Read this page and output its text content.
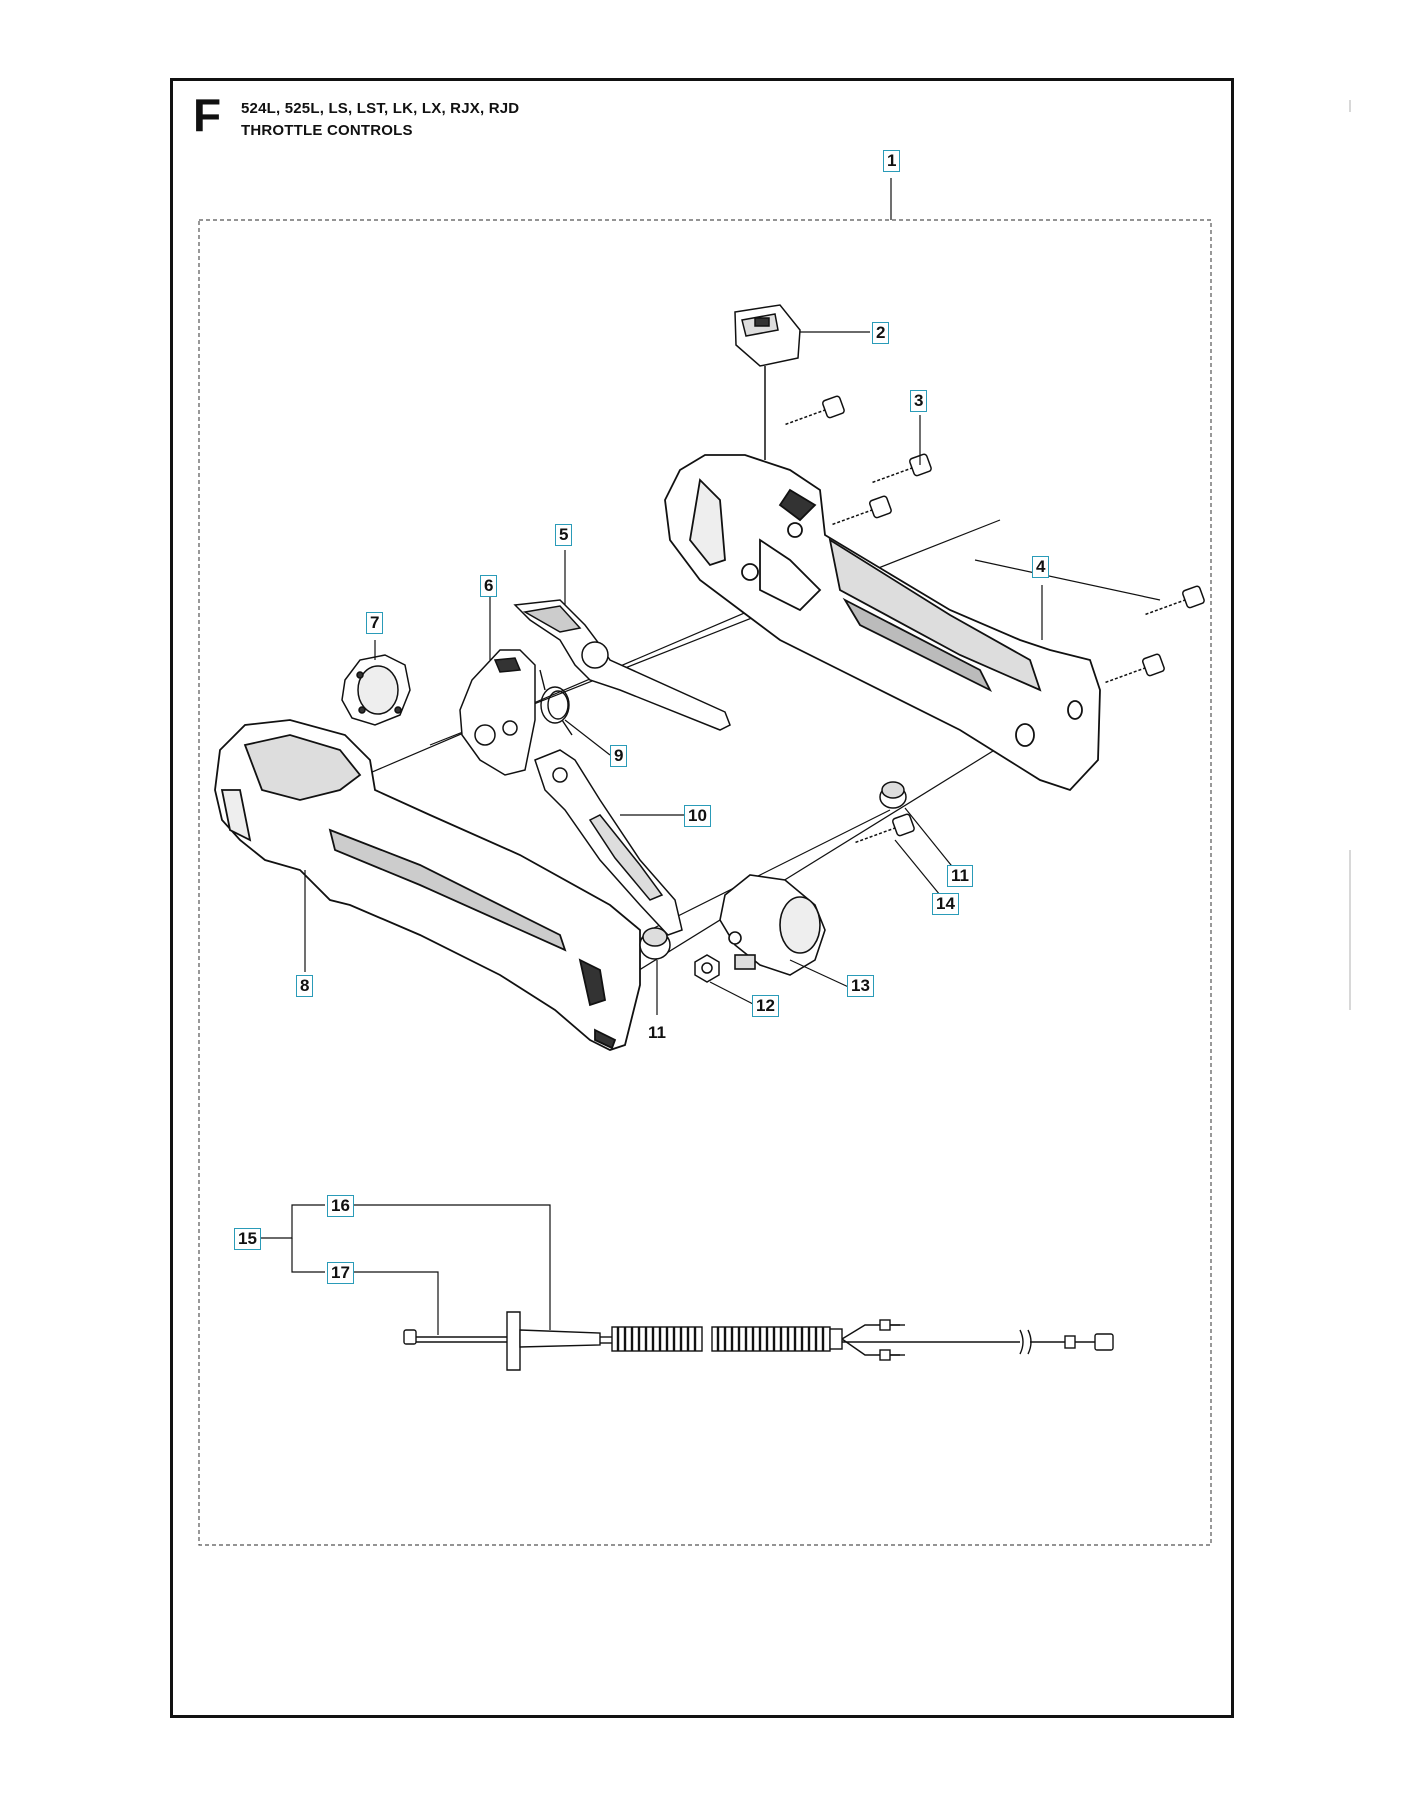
F 524L, 525L, LS, LST, LK, LX, RJX, RJD
THROTTLE CONTROLS
1
2
3
4
5
6
7
8
9
10
11
14
11
12
13
15
16
17
